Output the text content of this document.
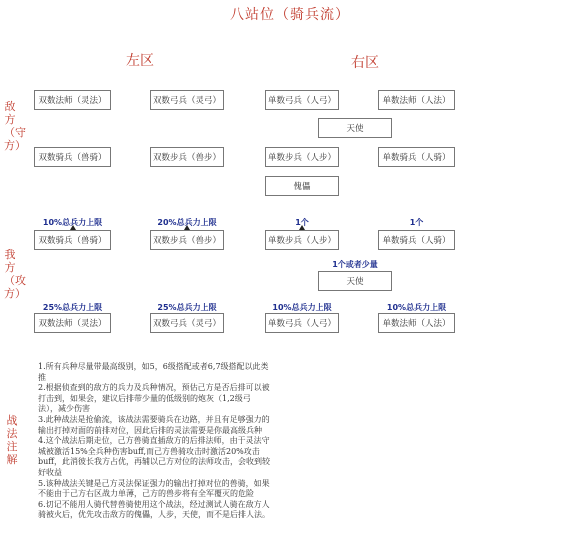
八站位（骑兵流）
左区	右区
敌方（守方）
我方（攻方）
战法注解
双数法师（灵法）	双数弓兵（灵弓）	单数弓兵（人弓）	单数法师（人法）
天使
双数骑兵（兽骑）	双数步兵（兽步）	单数步兵（人步）	单数骑兵（人骑）
傀儡
10%总兵力上限	20%总兵力上限	1个	1个
双数骑兵（兽骑）	双数步兵（兽步）	单数步兵（人步）	单数骑兵（人骑）
1个或者少量
天使
25%总兵力上限	25%总兵力上限	10%总兵力上限	10%总兵力上限
双数法师（灵法）	双数弓兵（灵弓）	单数弓兵（人弓）	单数法师（人法）

1.所有兵种尽量带最高级别，如5，6级搭配或者6,7级搭配以此类推

2.根据侦查到的敌方的兵力及兵种情况，预估己方是否后排可以被打击到，如果会，建议后排带少量的低级别的炮灰（1,2级弓法），减少伤害

3.此种战法是抢偷流，该战法需要骑兵在边路，并且有足够强力的输出打掉对面的前排对位，因此后排的灵法需要是你最高级兵种

4.这个战法后期走位，己方兽骑直插敌方的后排法师，由于灵法守城被激活15%全兵种伤害buff,而己方兽骑攻击时激活20%攻击buff，此消彼长我方占优，再辅以己方对位的法师攻击，会收到较好收益

5.该种战法关键是己方灵法保证强力的输出打掉对位的兽骑，如果不能由于己方右区战力单薄，己方的兽步将有全军覆灭的危险

6.切记不能用人骑代替兽骑使用这个战法，经过测试人骑在敌方人骑被火后，优先攻击敌方的傀儡，人步，天使，而不是后排人法。
